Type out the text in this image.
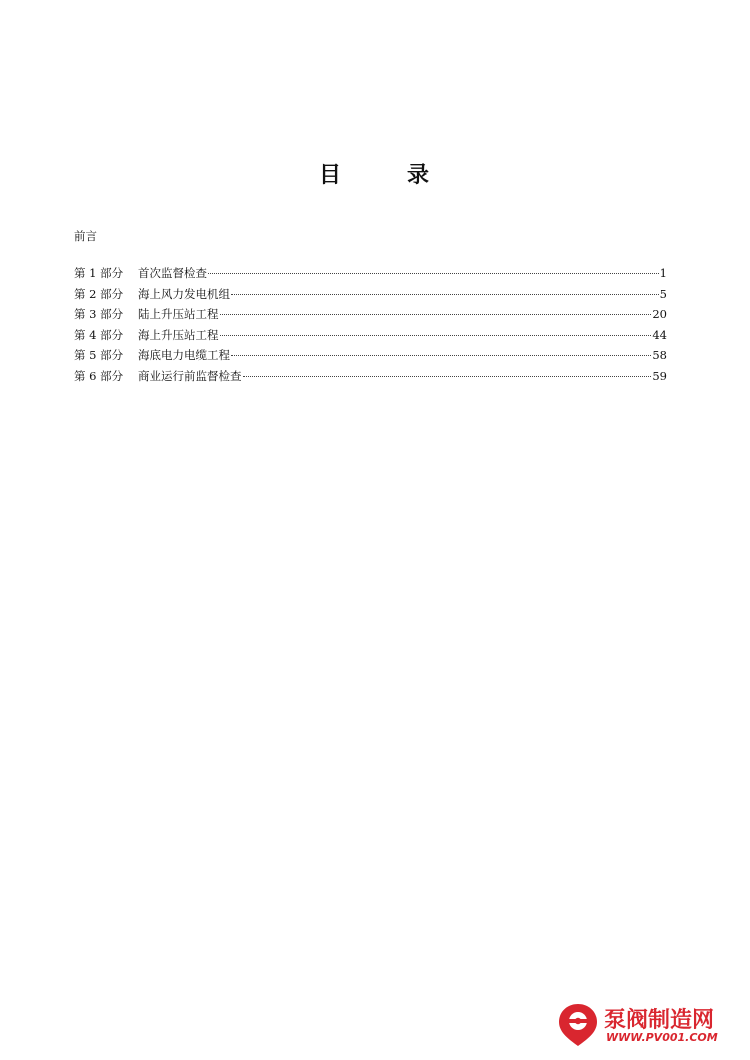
目	录
前言
第 1 部分	首次监督检查	1
第 2 部分	海上风力发电机组	5
第 3 部分	陆上升压站工程	20
第 4 部分	海上升压站工程	44
第 5 部分	海底电力电缆工程	58
第 6 部分	商业运行前监督检查	59
泵阀制造网
WWW.PV001.COM
